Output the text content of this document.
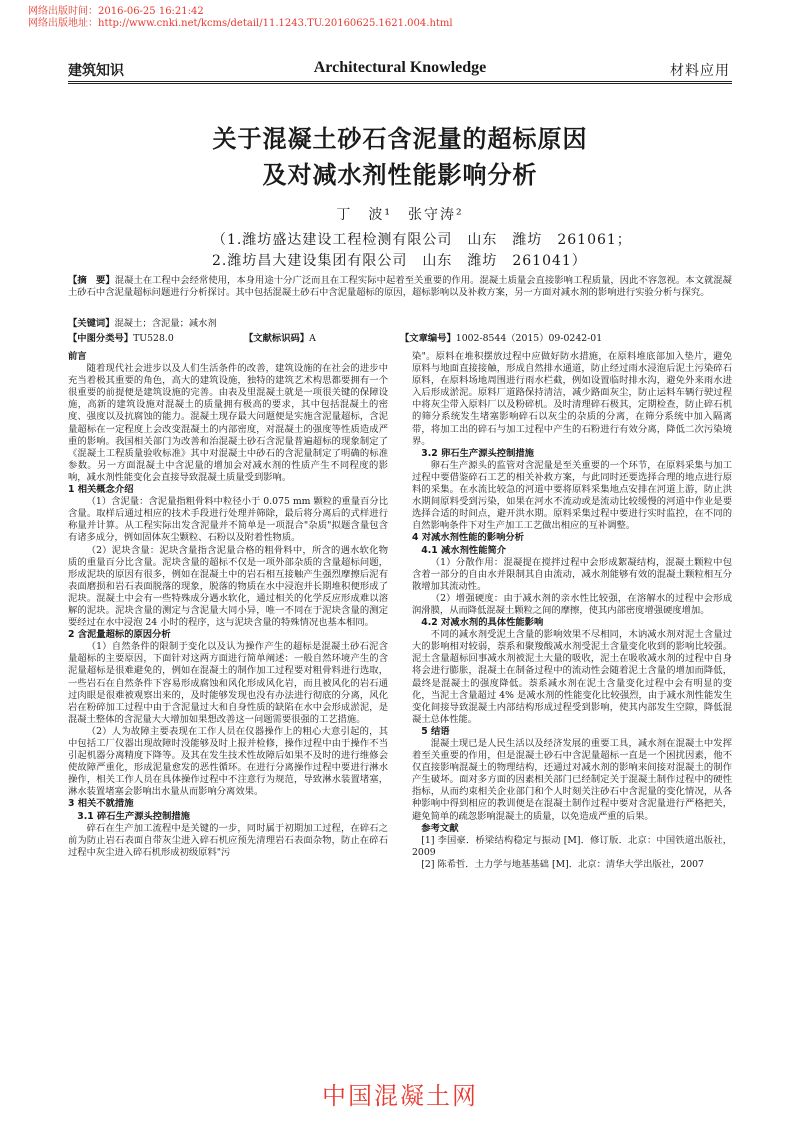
网络出版时间：2016-06-25 16:21:42
网络出版地址：http://www.cnki.net/kcms/detail/11.1243.TU.20160625.1621.004.html
建筑知识	Architectural Knowledge	材料应用
关于混凝土砂石含泥量的超标原因
及对减水剂性能影响分析
丁　波¹　张守涛²
（1.潍坊盛达建设工程检测有限公司　山东　潍坊　261061；
2.潍坊昌大建设集团有限公司　山东　潍坊　261041）
【摘　要】混凝土在工程中会经常使用，本身用途十分广泛而且在工程实际中起着至关重要的作用。混凝土质量会直接影响工程质量，因此不容忽视。本文就混凝土砂石中含泥量超标问题进行分析探讨。其中包括混凝土砂石中含泥量超标的原因，超标影响以及补救方案，另一方面对减水剂的影响进行实验分析与探究。
【关键词】混凝土；含泥量；减水剂
【中图分类号】TU528.0	【文献标识码】A	【文章编号】1002-8544（2015）09-0242-01

前言

随着现代社会进步以及人们生活条件的改善，建筑设施的在社会的进步中充当着极其重要的角色，高大的建筑设施，独特的建筑艺术构思都要拥有一个很重要的前提便是建筑设施的完善。由表及里混凝土就是一项很关键的保障设施，高新的建筑设施对混凝土的质量拥有极高的要求，其中包括混凝土的密度、强度以及抗腐蚀的能力。混凝土现存最大问题便是实施含泥量超标，含泥量超标在一定程度上会改变混凝土的内部密度，对混凝土的强度等性质造成严重的影响。我国相关部门为改善和治混凝土砂石含泥量普遍超标的现象制定了《混凝土工程质量验收标准》其中对混凝土中砂石的含泥量制定了明确的标准参数。另一方面混凝土中含泥量的增加会对减水剂的性质产生不同程度的影响，减水剂性能变化会直接导致混凝土质量受到影响。

1 相关概念介绍

（1）含泥量：含泥量指粗骨料中粒径小于 0.075 mm 颗粒的重量百分比含量。取样后通过相应的技术手段进行处理并筛除，最后将分离后的式样进行称量并计算。从工程实际出发含泥量并不简单是一项混合"杂质"拟题含量包含有诸多成分，例如固体灰尘颗粒、石粉以及附着性物质。

（2）泥块含量：泥块含量指含泥量合格的粗骨料中，所含的遇水软化物质的重量百分比含量。泥块含量的超标不仅是一项外部杂质的含量超标问题，形成泥块的原因有很多，例如在混凝土中的岩石相互接触产生强烈摩擦后泥有表面磨损和岩石表面脱落的现象，脱落的物质在水中浸泡并长期堆积便形成了泥块。混凝土中会有一些特殊成分遇水软化，通过相关的化学反应形成难以溶解的泥块。泥块含量的测定与含泥量大同小异，唯一不同在于泥块含量的测定要经过在水中浸泡 24 小时的程序，这与泥块含量的特殊情况也基本相同。

2 含泥量超标的原因分析

（1）自然条件的限制于变化以及认为操作产生的超标是混凝土砂石泥含量超标的主要原因，下面针对这两方面进行简单阐述：一般自然环境产生的含泥量超标是很难避免的，例如在混凝土的制作加工过程要对粗骨料进行选取，一些岩石在自然条件下容易形成腐蚀和风化形成风化岩，而且被风化的岩石通过肉眼是很难被观察出来的，及时能够发现也没有办法进行彻底的分离，风化岩在粉碎加工过程中由于含泥量过大和自身性质的缺陷在水中会形成淤泥，是混凝土整体的含泥量大大增加如果想改善这一问题需要很强的工艺措施。

（2）人为故障主要表现在工作人员在仪器操作上的粗心大意引起的，其中包括工厂仪器出现故障时没能够及时上报并检修，操作过程中由于操作不当引起机器分离精度下降等。及其在发生技术性故障后如果不及时的进行维修会使故障严重化，形成泥量愈发的恶性循环。在进行分离操作过程中要进行淋水操作，相关工作人员在具体操作过程中不注意行为规范，导致淋水装置堵塞，淋水装置堵塞会影响出水量从而影响分离效果。

3 相关不就措施

3.1 碎石生产源头控制措施

碎石在生产加工流程中是关键的一步，同时属于初期加工过程，在碎石之前为防止岩石表面自带灰尘进入碎石机应预先清理岩石表面杂物，防止在碎石过程中灰尘进入碎石机形成初级原料"污

染"。原料在堆积摆放过程中应做好防水措施，在原料堆底部加入垫片，避免原料与地面直接接触，形成自然排水通道，防止经过雨水浸泡后泥土污染碎石原料，在原料场地周围进行雨水栏截，例如设置临时排水沟，避免外来雨水进入后形成淤泥。原料厂道路保持清洁，减少路面灰尘，防止运料车辆行驶过程中将灰尘带入原料厂以及粉碎机。及时清理碎石极其，定期检查，防止碎石机的筛分系统发生堵塞影响碎石以灰尘的杂质的分离，在筛分系统中加入隔离带，将加工出的碎石与加工过程中产生的石粉进行有效分离，降低二次污染境界。

3.2 卵石生产源头控制措施

卵石生产源头的监管对含泥量是至关重要的一个环节，在原料采集与加工过程中要借鉴碎石工艺的相关补救方案，与此同时还要选择合理的地点进行原料的采集。在水流比较急的河道中要将原料采集地点安排在河道上游，防止洪水期间原料受到污染，如果在河水不流动或是流动比较缓慢的河道中作业是要选择合适的时间点，避开洪水期。原料采集过程中要进行实时监控，在不同的自然影响条件下对生产加工工艺做出相应的互补调整。

4 对减水剂性能的影响分析

4.1 减水剂性能简介

（1）分散作用：混凝提在搅拌过程中会形成絮凝结构，混凝土颗粒中包含着一部分的自由水并限制其自由流动，减水剂能够有效的混凝土颗粒相互分散增加其流动性。

（2）增强硬度：由于减水剂的亲水性比较强，在溶解水的过程中会形成润滑膜，从而降低混凝土颗粒之间的摩擦，使其内部密度增强硬度增加。

4.2 对减水剂的具体性能影响

不同的减水剂受泥土含量的影响效果不尽相同，木讷减水剂对泥土含量过大的影响相对较弱，萘系和聚羧酸减水剂受泥土含量变化收到的影响比较强。泥土含量超标回事减水剂被泥土大量的吸收，泥土在吸收减水剂的过程中自身将会进行膨胀，混凝土在制备过程中的流动性会随着泥土含量的增加而降低，最终是混凝土的强度降低。萘系减水剂在泥土含量变化过程中会有明显的变化，当泥土含量超过 4% 是减水剂的性能变化比较强烈，由于减水剂性能发生变化间接导致混凝土内部结构形成过程受到影响，使其内部发生空隙，降低混凝土总体性能。

5 结语

混凝土现已是人民生活以及经济发展的重要工具，减水剂在混凝土中发挥着至关重要的作用，但是混凝土砂石中含泥量超标一直是一个困扰因素，他不仅直接影响混凝土的物理结构，还通过对减水剂的影响来间接对混凝土的制作产生破坏。面对多方面的因素相关部门已经制定关于混凝土制作过程中的硬性指标，从而约束相关企业部门和个人时刻关注砂石中含泥量的变化情况，从各种影响中得到相应的教训便是在混凝土制作过程中要对含泥量进行严格把关，避免简单的疏忽影响混凝土的质量，以免造成严重的后果。

参考文献

[1] 李国豪．桥梁结构稳定与振动 [M]．修订版．北京：中国铁道出版社，2009

[2] 陈希哲．土力学与地基基础 [M]．北京：清华大学出版社，2007

中国混凝土网
